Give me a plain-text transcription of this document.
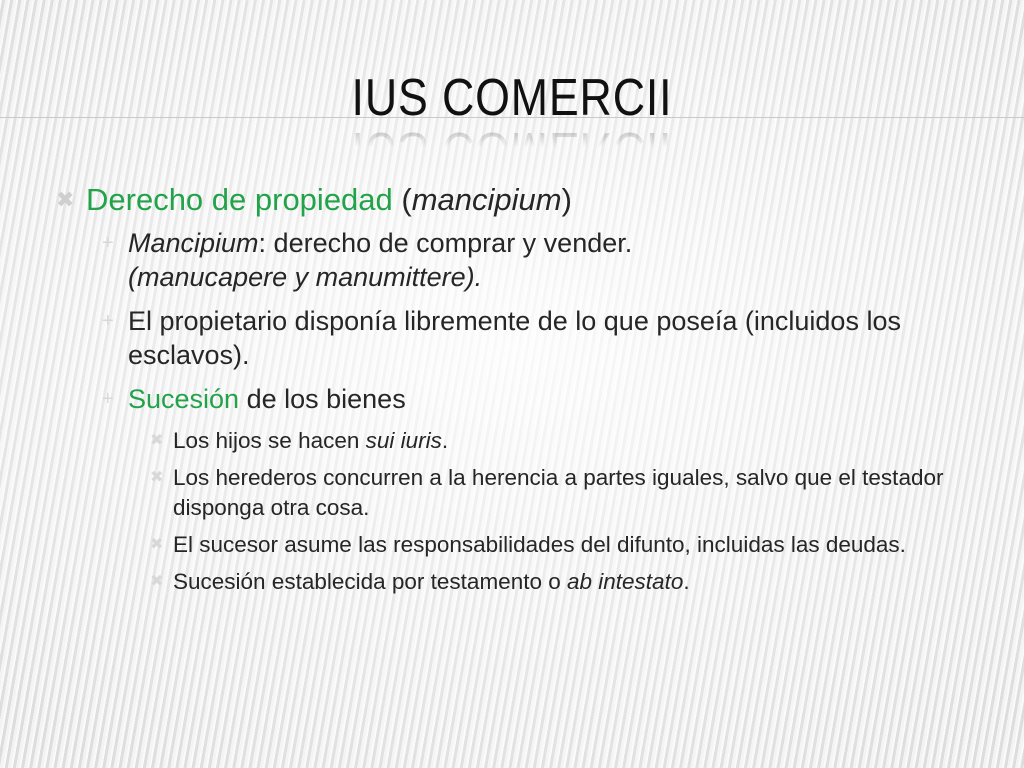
IUS COMERCII
✖ Derecho de propiedad (mancipium)
+ Mancipium: derecho de comprar y vender.
(manucapere y manumittere).
+ El propietario disponía libremente de lo que poseía (incluidos los esclavos).
+ Sucesión de los bienes
✖ Los hijos se hacen sui iuris.
✖ Los herederos concurren a la herencia a partes iguales, salvo que el testador disponga otra cosa.
✖ El sucesor asume las responsabilidades del difunto, incluidas las deudas.
✖ Sucesión establecida por testamento o ab intestato.
